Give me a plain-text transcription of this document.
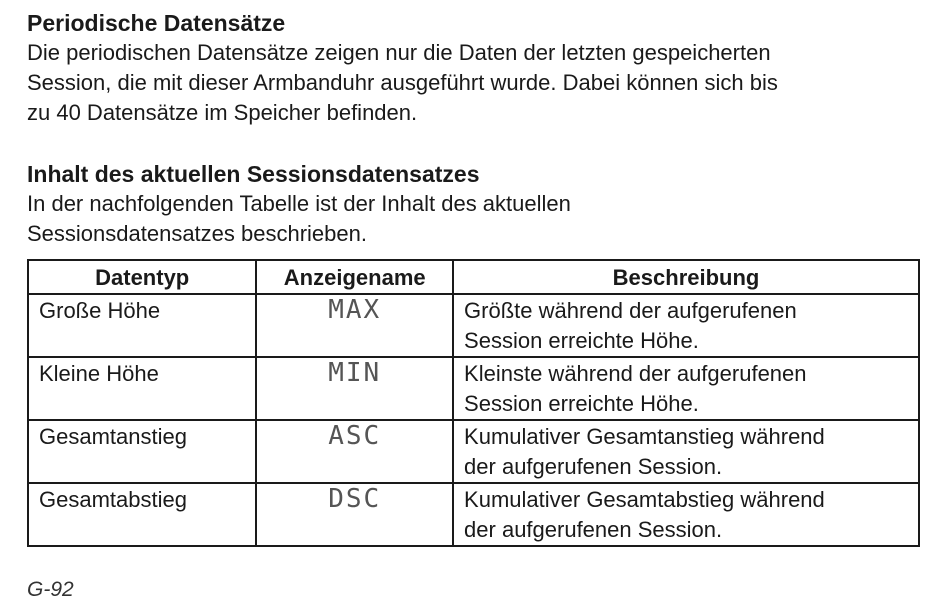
Periodische Datensätze

Die periodischen Datensätze zeigen nur die Daten der letzten gespeicherten
Session, die mit dieser Armbanduhr ausgeführt wurde. Dabei können sich bis
zu 40 Datensätze im Speicher befinden.

Inhalt des aktuellen Sessionsdatensatzes

In der nachfolgenden Tabelle ist der Inhalt des aktuellen
Sessionsdatensatzes beschrieben.

Datentyp	Anzeigename	Beschreibung
Große Höhe	MAX	Größte während der aufgerufenen
Session erreichte Höhe.
Kleine Höhe	MIN	Kleinste während der aufgerufenen
Session erreichte Höhe.
Gesamtanstieg	ASC	Kumulativer Gesamtanstieg während
der aufgerufenen Session.
Gesamtabstieg	DSC	Kumulativer Gesamtabstieg während
der aufgerufenen Session.
G-92
